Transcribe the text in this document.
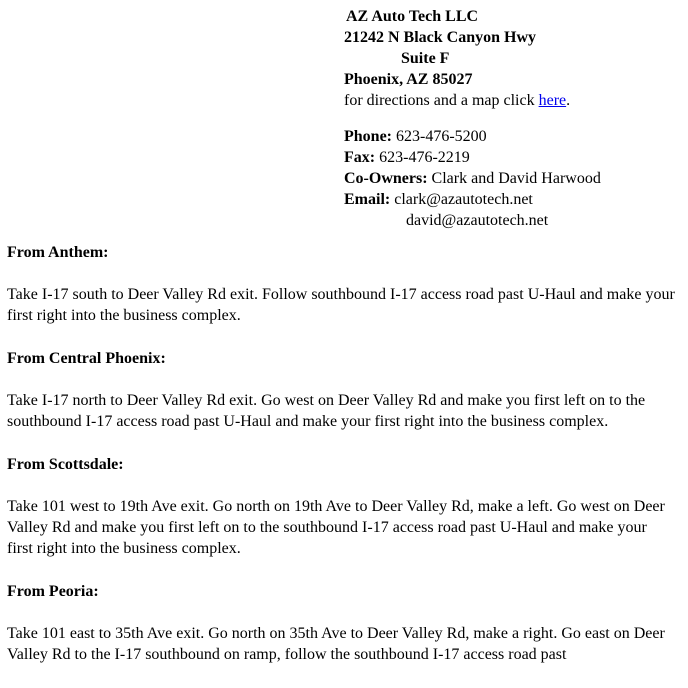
AZ Auto Tech LLC
21242 N Black Canyon Hwy
Suite F
Phoenix, AZ 85027
for directions and a map click here.
Phone: 623-476-5200
Fax: 623-476-2219
Co-Owners: Clark and David Harwood
Email: clark@azautotech.net
david@azautotech.net
From Anthem:
Take I-17 south to Deer Valley Rd exit. Follow southbound I-17 access road past U-Haul and make your first right into the business complex.
From Central Phoenix:
Take I-17 north to Deer Valley Rd exit. Go west on Deer Valley Rd and make you first left on to the southbound I-17 access road past U-Haul and make your first right into the business complex.
From Scottsdale:
Take 101 west to 19th Ave exit. Go north on 19th Ave to Deer Valley Rd, make a left. Go west on Deer Valley Rd and make you first left on to the southbound I-17 access road past U-Haul and make your first right into the business complex.
From Peoria:
Take 101 east to 35th Ave exit. Go north on 35th Ave to Deer Valley Rd, make a right. Go east on Deer Valley Rd to the I-17 southbound on ramp, follow the southbound I-17 access road past
